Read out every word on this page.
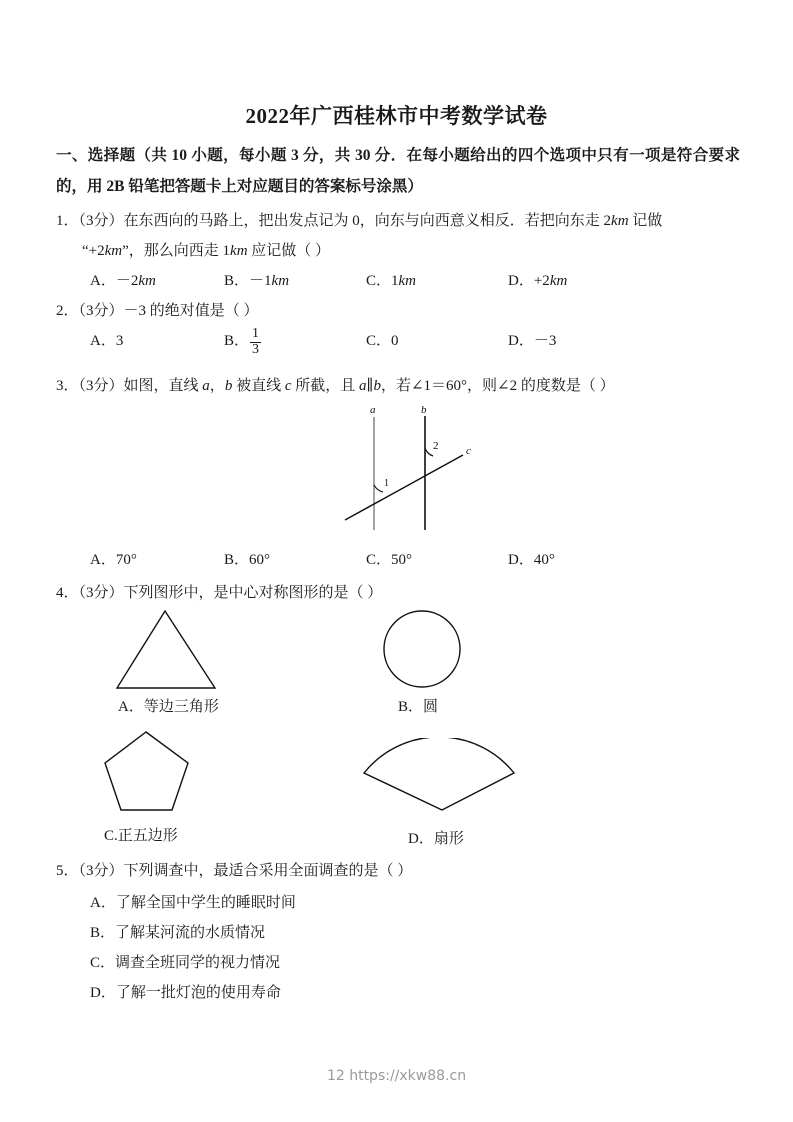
2022年广西桂林市中考数学试卷
一、选择题（共 10 小题，每小题 3 分，共 30 分．在每小题给出的四个选项中只有一项是符合要求的，用 2B 铅笔把答题卡上对应题目的答案标号涂黑）
1．（3分）在东西向的马路上，把出发点记为 0，向东与向西意义相反．若把向东走 2km 记做
“+2km”，那么向西走 1km 应记做（ ）
A．－2km	B．－1km	C．1km	D．+2km
2．（3分）－3 的绝对值是（ ）
A．3	B． $\frac{1}{3}$	C．0	D．－3
3．（3分）如图，直线 a，b 被直线 c 所截，且 a∥b，若∠1＝60°，则∠2 的度数是（ ）
a	b
c
1
2
A．70°	B．60°	C．50°	D．40°
4．（3分）下列图形中，是中心对称图形的是（ ）
A．等边三角形	B．圆
C.正五边形	D．扇形
5．（3分）下列调查中，最适合采用全面调查的是（ ）
A．了解全国中学生的睡眠时间
B．了解某河流的水质情况
C．调查全班同学的视力情况
D．了解一批灯泡的使用寿命
12 https://xkw88.cn
